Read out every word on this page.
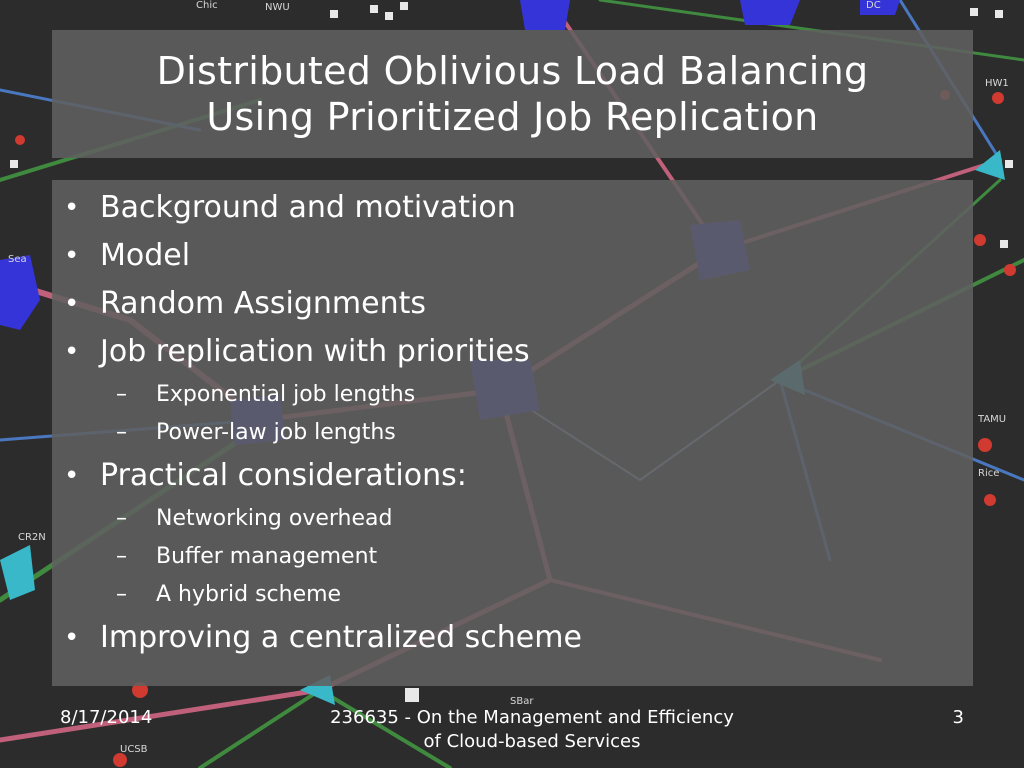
NWU
Sea
CR2N
HW1
TAMU
Rice
UCSB
SBar
DC
Chic
Distributed Oblivious Load Balancing
Using Prioritized Job Replication
• Background and motivation
• Model
• Random Assignments
• Job replication with priorities
– Exponential job lengths
– Power-law job lengths
• Practical considerations:
– Networking overhead
– Buffer management
– A hybrid scheme
• Improving a centralized scheme
8/17/2014	236635 - On the Management and Efficiency
of Cloud-based Services
3
